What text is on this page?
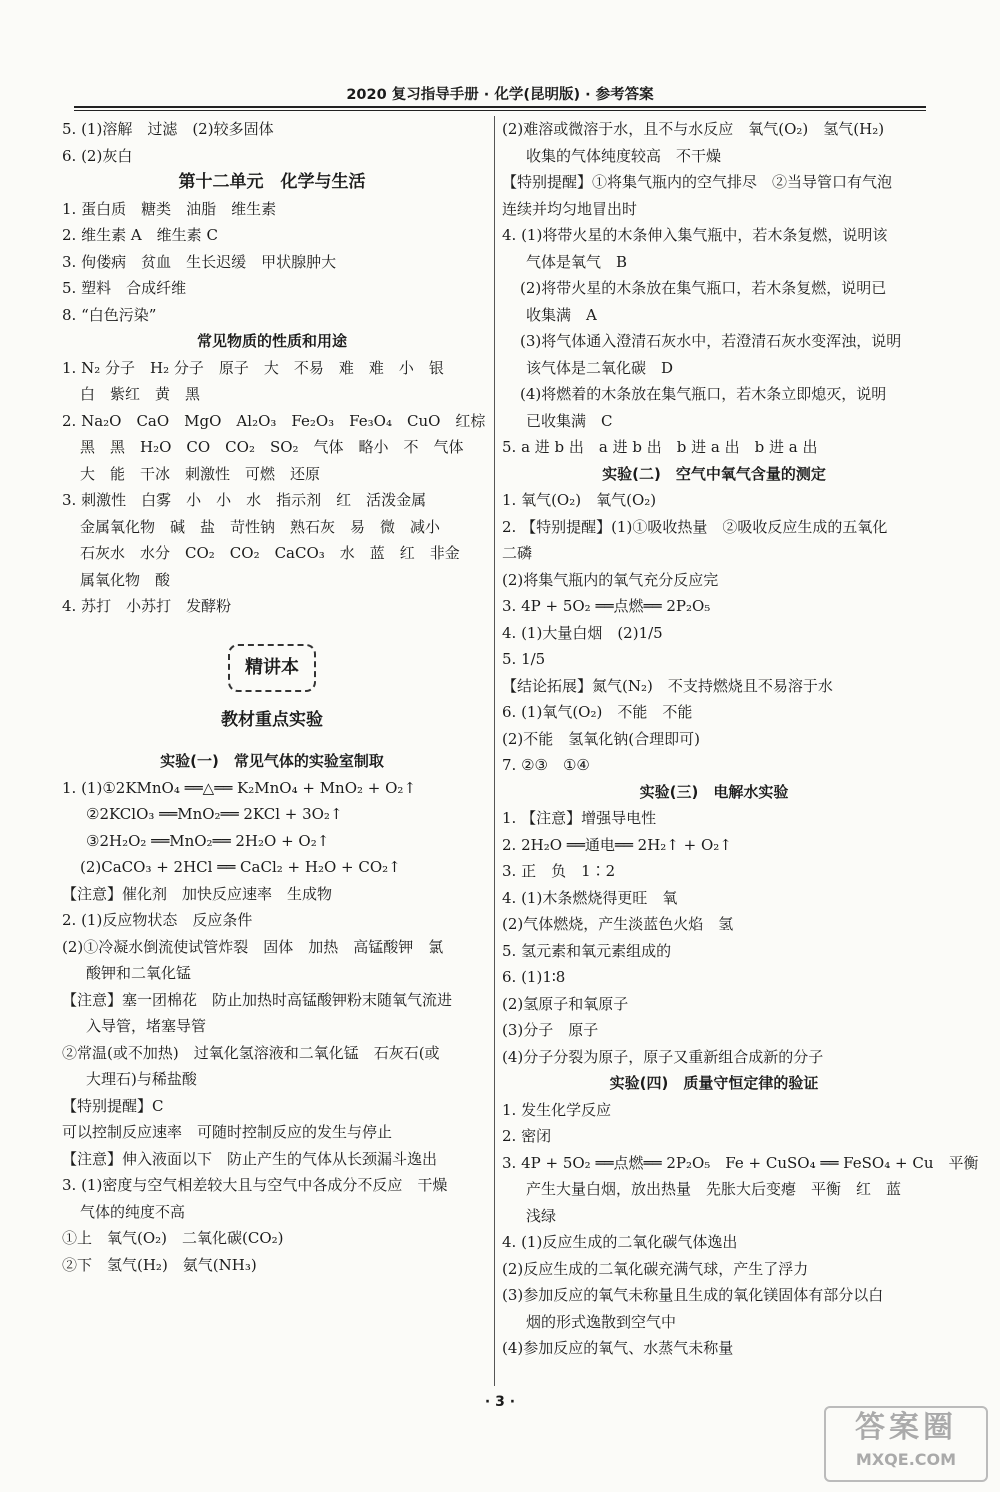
2020 复习指导手册 · 化学(昆明版) · 参考答案
5. (1)溶解　过滤　(2)较多固体
6. (2)灰白
第十二单元　化学与生活
1. 蛋白质　糖类　油脂　维生素
2. 维生素 A　维生素 C
3. 佝偻病　贫血　生长迟缓　甲状腺肿大
5. 塑料　合成纤维
8. “白色污染”
常见物质的性质和用途
1. N₂ 分子　H₂ 分子　原子　大　不易　难　难　小　银
白　紫红　黄　黑
2. Na₂O　CaO　MgO　Al₂O₃　Fe₂O₃　Fe₃O₄　CuO　红棕
黑　黑　H₂O　CO　CO₂　SO₂　气体　略小　不　气体
大　能　干冰　刺激性　可燃　还原
3. 刺激性　白雾　小　小　水　指示剂　红　活泼金属
金属氧化物　碱　盐　苛性钠　熟石灰　易　微　减小
石灰水　水分　CO₂　CO₂　CaCO₃　水　蓝　红　非金
属氧化物　酸
4. 苏打　小苏打　发酵粉
精讲本
教材重点实验
实验(一)　常见气体的实验室制取
1. (1)①2KMnO₄ ══△══ K₂MnO₄ + MnO₂ + O₂↑
②2KClO₃ ══MnO₂══ 2KCl + 3O₂↑
③2H₂O₂ ══MnO₂══ 2H₂O + O₂↑
(2)CaCO₃ + 2HCl ══ CaCl₂ + H₂O + CO₂↑
【注意】催化剂　加快反应速率　生成物
2. (1)反应物状态　反应条件
(2)①冷凝水倒流使试管炸裂　固体　加热　高锰酸钾　氯
酸钾和二氧化锰
【注意】塞一团棉花　防止加热时高锰酸钾粉末随氧气流进
入导管，堵塞导管
②常温(或不加热)　过氧化氢溶液和二氧化锰　石灰石(或
大理石)与稀盐酸
【特别提醒】C
可以控制反应速率　可随时控制反应的发生与停止
【注意】伸入液面以下　防止产生的气体从长颈漏斗逸出
3. (1)密度与空气相差较大且与空气中各成分不反应　干燥
气体的纯度不高
①上　氧气(O₂)　二氧化碳(CO₂)
②下　氢气(H₂)　氨气(NH₃)
(2)难溶或微溶于水，且不与水反应　氧气(O₂)　氢气(H₂)
收集的气体纯度较高　不干燥
【特别提醒】①将集气瓶内的空气排尽　②当导管口有气泡
连续并均匀地冒出时
4. (1)将带火星的木条伸入集气瓶中，若木条复燃，说明该
气体是氧气　B
(2)将带火星的木条放在集气瓶口，若木条复燃，说明已
收集满　A
(3)将气体通入澄清石灰水中，若澄清石灰水变浑浊，说明
该气体是二氧化碳　D
(4)将燃着的木条放在集气瓶口，若木条立即熄灭，说明
已收集满　C
5. a 进 b 出　a 进 b 出　b 进 a 出　b 进 a 出
实验(二)　空气中氧气含量的测定
1. 氧气(O₂)　氧气(O₂)
2. 【特别提醒】(1)①吸收热量　②吸收反应生成的五氧化
二磷
(2)将集气瓶内的氧气充分反应完
3. 4P + 5O₂ ══点燃══ 2P₂O₅
4. (1)大量白烟　(2)1/5
5. 1/5
【结论拓展】氮气(N₂)　不支持燃烧且不易溶于水
6. (1)氧气(O₂)　不能　不能
(2)不能　氢氧化钠(合理即可)
7. ②③　①④
实验(三)　电解水实验
1. 【注意】增强导电性
2. 2H₂O ══通电══ 2H₂↑ + O₂↑
3. 正　负　1∶2
4. (1)木条燃烧得更旺　氧
(2)气体燃烧，产生淡蓝色火焰　氢
5. 氢元素和氧元素组成的
6. (1)1∶8
(2)氢原子和氧原子
(3)分子　原子
(4)分子分裂为原子，原子又重新组合成新的分子
实验(四)　质量守恒定律的验证
1. 发生化学反应
2. 密闭
3. 4P + 5O₂ ══点燃══ 2P₂O₅　Fe + CuSO₄ ══ FeSO₄ + Cu　平衡
产生大量白烟，放出热量　先胀大后变瘪　平衡　红　蓝
浅绿
4. (1)反应生成的二氧化碳气体逸出
(2)反应生成的二氧化碳充满气球，产生了浮力
(3)参加反应的氧气未称量且生成的氧化镁固体有部分以白
烟的形式逸散到空气中
(4)参加反应的氧气、水蒸气未称量
· 3 ·
答案圈
MXQE.COM
